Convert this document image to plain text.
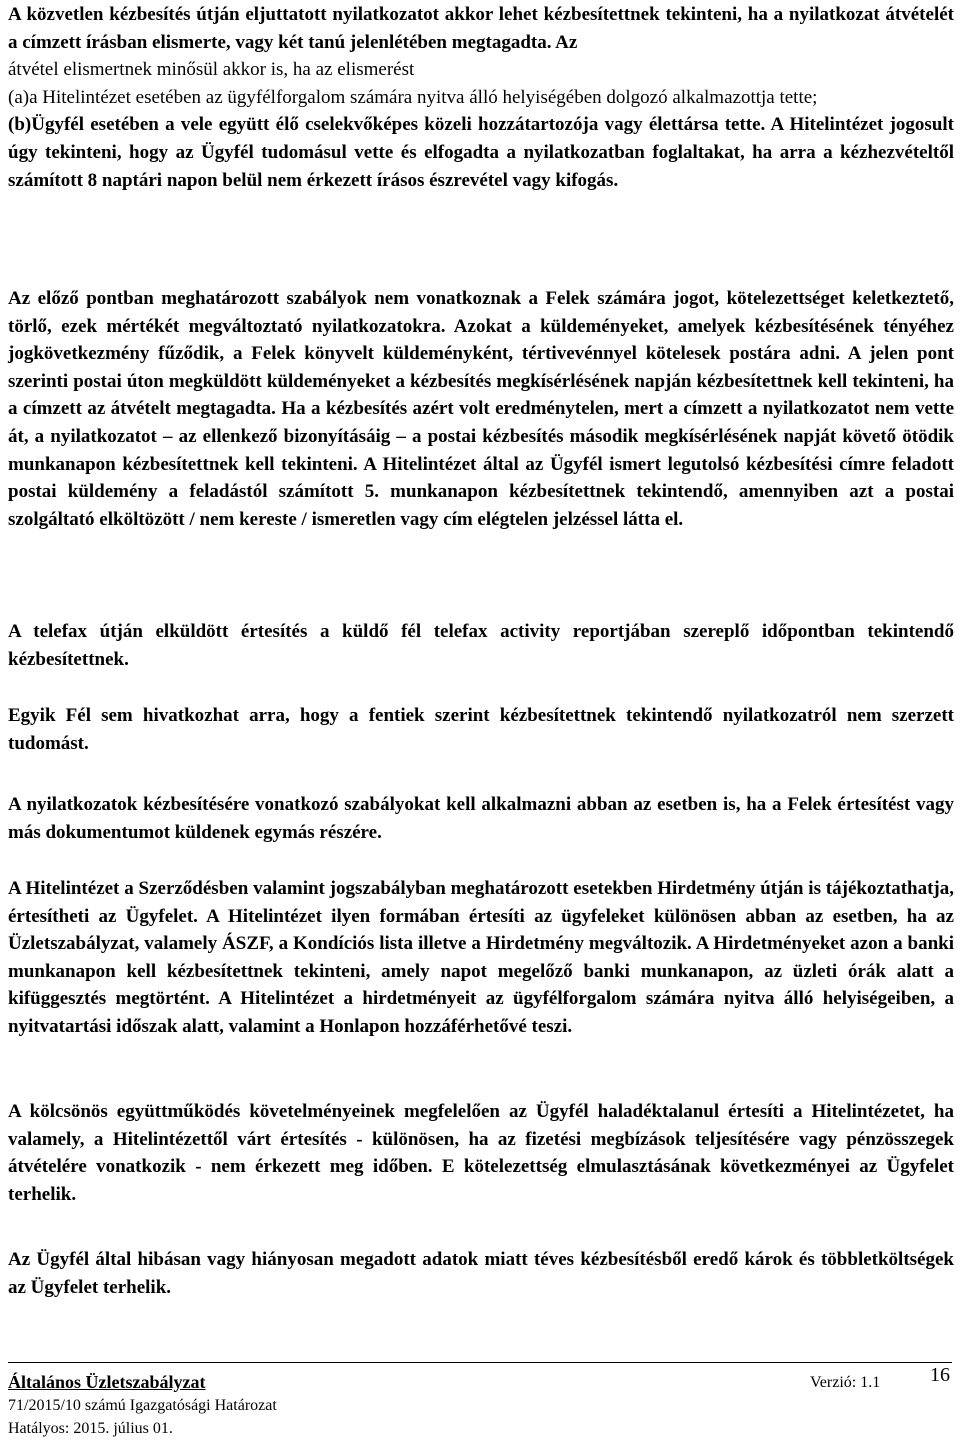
A közvetlen kézbesítés útján eljuttatott nyilatkozatot akkor lehet kézbesítettnek tekinteni, ha a nyilatkozat átvételét a címzett írásban elismerte, vagy két tanú jelenlétében megtagadta. Az
átvétel elismertnek minősül akkor is, ha az elismerést
(a)a Hitelintézet esetében az ügyfélforgalom számára nyitva álló helyiségében dolgozó alkalmazottja tette;
(b)Ügyfél esetében a vele együtt élő cselekvőképes közeli hozzátartozója vagy élettársa tette. A Hitelintézet jogosult úgy tekinteni, hogy az Ügyfél tudomásul vette és elfogadta a nyilatkozatban foglaltakat, ha arra a kézhezvételtől számított 8 naptári napon belül nem érkezett írásos észrevétel vagy kifogás.

Az előző pontban meghatározott szabályok nem vonatkoznak a Felek számára jogot, kötelezettséget keletkeztető, törlő, ezek mértékét megváltoztató nyilatkozatokra. Azokat a küldeményeket, amelyek kézbesítésének tényéhez jogkövetkezmény fűződik, a Felek könyvelt küldeményként, tértivevénnyel kötelesek postára adni. A jelen pont szerinti postai úton megküldött küldeményeket a kézbesítés megkísérlésének napján kézbesítettnek kell tekinteni, ha a címzett az átvételt megtagadta. Ha a kézbesítés azért volt eredménytelen, mert a címzett a nyilatkozatot nem vette át, a nyilatkozatot – az ellenkező bizonyításáig – a postai kézbesítés második megkísérlésének napját követő ötödik munkanapon kézbesítettnek kell tekinteni. A Hitelintézet által az Ügyfél ismert legutolsó kézbesítési címre feladott postai küldemény a feladástól számított 5. munkanapon kézbesítettnek tekintendő, amennyiben azt a postai szolgáltató elköltözött / nem kereste / ismeretlen vagy cím elégtelen jelzéssel látta el.

A telefax útján elküldött értesítés a küldő fél telefax activity reportjában szereplő időpontban tekintendő kézbesítettnek.

Egyik Fél sem hivatkozhat arra, hogy a fentiek szerint kézbesítettnek tekintendő nyilatkozatról nem szerzett tudomást.

A nyilatkozatok kézbesítésére vonatkozó szabályokat kell alkalmazni abban az esetben is, ha a Felek értesítést vagy más dokumentumot küldenek egymás részére.

A Hitelintézet a Szerződésben valamint jogszabályban meghatározott esetekben Hirdetmény útján is tájékoztathatja, értesítheti az Ügyfelet. A Hitelintézet ilyen formában értesíti az ügyfeleket különösen abban az esetben, ha az Üzletszabályzat, valamely ÁSZF, a Kondíciós lista illetve a Hirdetmény megváltozik. A Hirdetményeket azon a banki munkanapon kell kézbesítettnek tekinteni, amely napot megelőző banki munkanapon, az üzleti órák alatt a kifüggesztés megtörtént. A Hitelintézet a hirdetményeit az ügyfélforgalom számára nyitva álló helyiségeiben, a nyitvatartási időszak alatt, valamint a Honlapon hozzáférhetővé teszi.

A kölcsönös együttműködés követelményeinek megfelelően az Ügyfél haladéktalanul értesíti a Hitelintézetet, ha valamely, a Hitelintézettől várt értesítés - különösen, ha az fizetési megbízások teljesítésére vagy pénzösszegek átvételére vonatkozik - nem érkezett meg időben. E kötelezettség elmulasztásának következményei az Ügyfelet terhelik.

Az Ügyfél által hibásan vagy hiányosan megadott adatok miatt téves kézbesítésből eredő károk és többletköltségek az Ügyfelet terhelik.

Általános Üzletszabályzat	Verzió: 1.1 16
71/2015/10 számú Igazgatósági Határozat
Hatályos: 2015. július 01.
